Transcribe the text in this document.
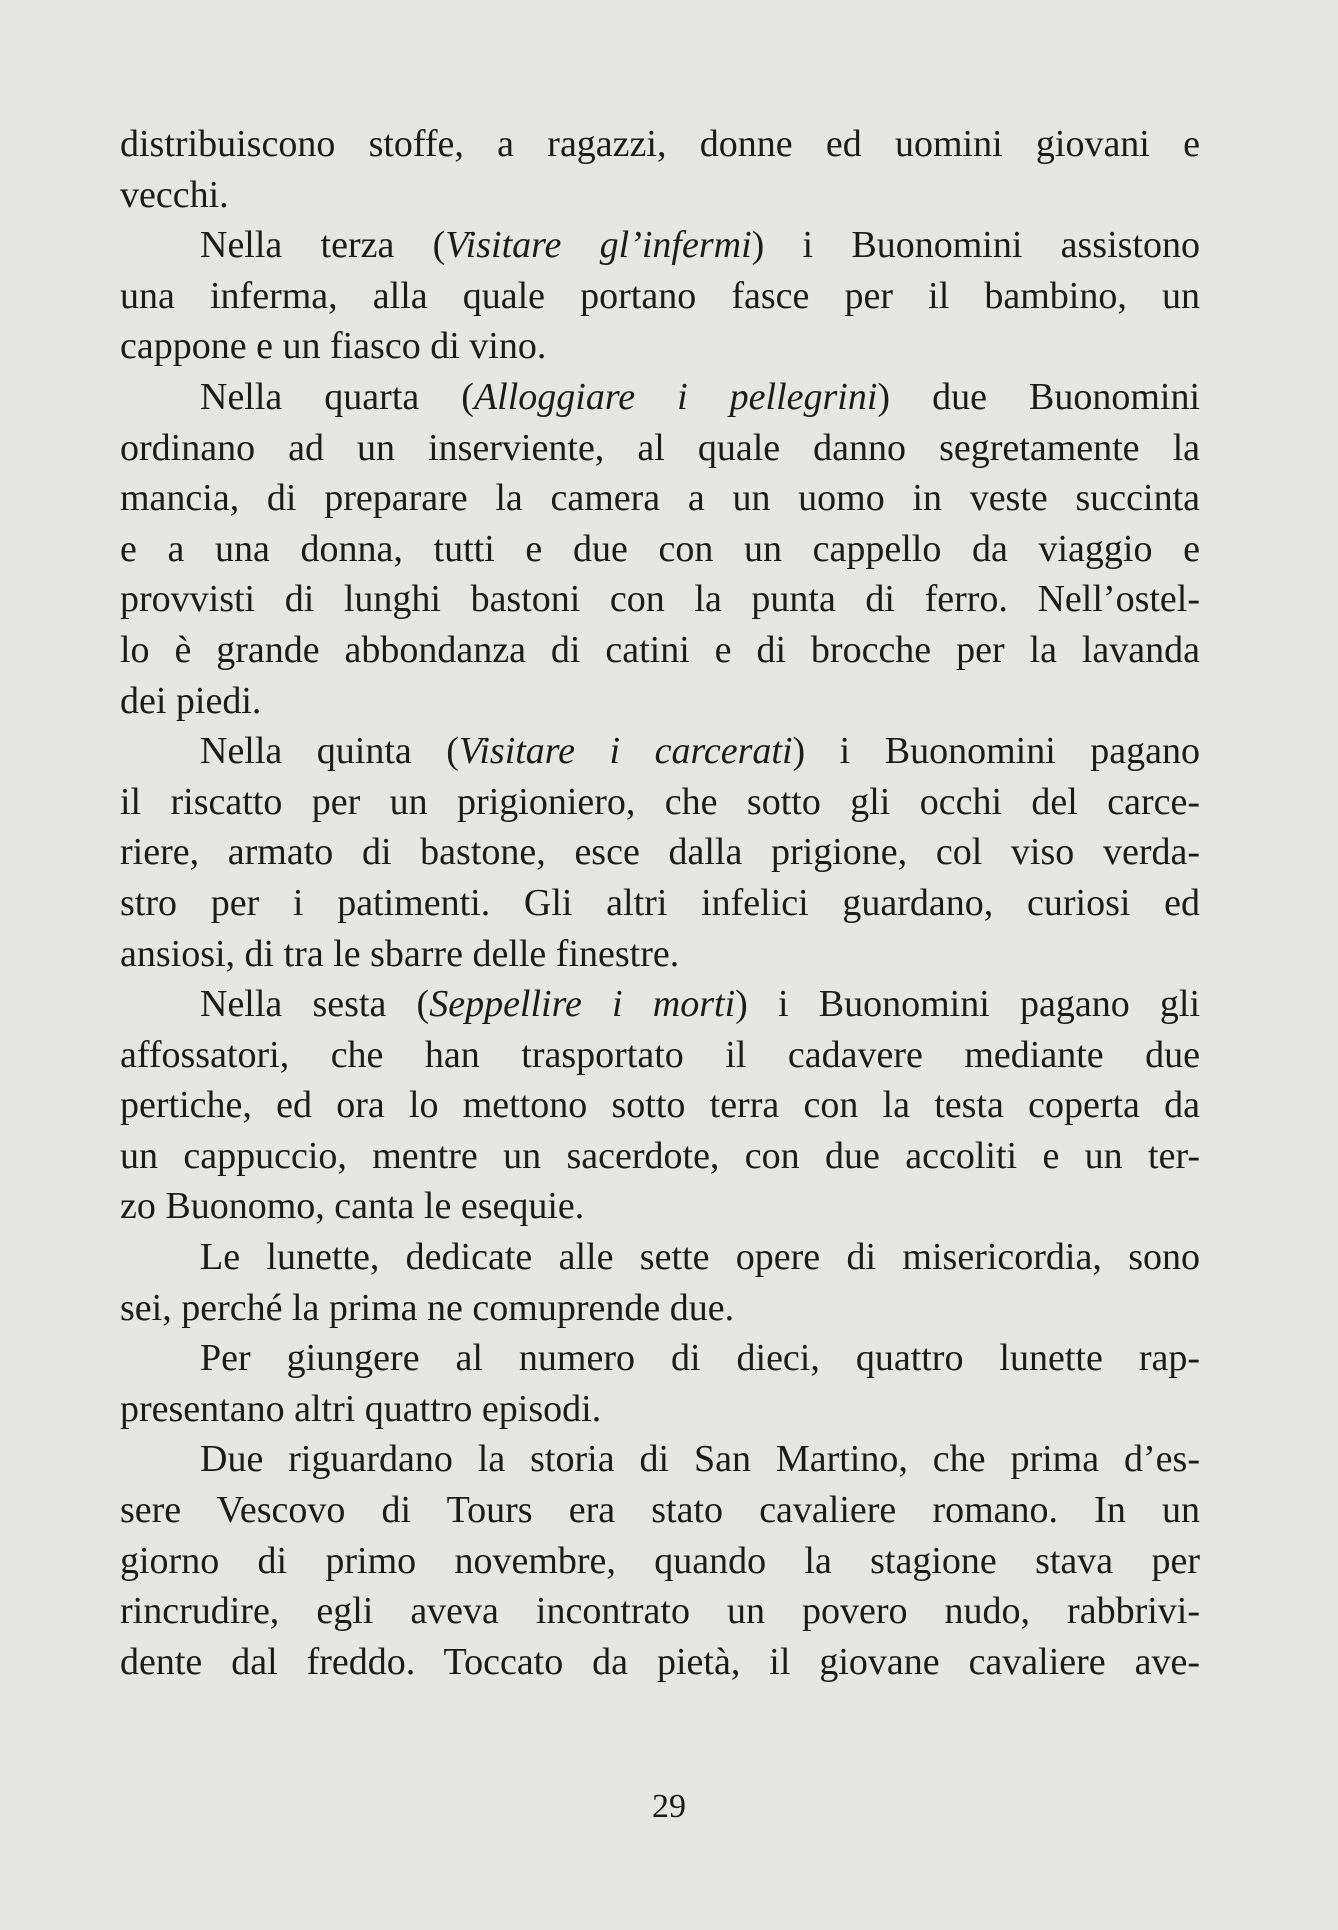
distribuiscono stoffe, a ragazzi, donne ed uomini giovani e
vecchi.
Nella terza (Visitare gl’infermi) i Buonomini assistono
una inferma, alla quale portano fasce per il bambino, un
cappone e un fiasco di vino.
Nella quarta (Alloggiare i pellegrini) due Buonomini
ordinano ad un inserviente, al quale danno segretamente la
mancia, di preparare la camera a un uomo in veste succinta
e a una donna, tutti e due con un cappello da viaggio e
provvisti di lunghi bastoni con la punta di ferro. Nell’ostel-
lo è grande abbondanza di catini e di brocche per la lavanda
dei piedi.
Nella quinta (Visitare i carcerati) i Buonomini pagano
il riscatto per un prigioniero, che sotto gli occhi del carce-
riere, armato di bastone, esce dalla prigione, col viso verda-
stro per i patimenti. Gli altri infelici guardano, curiosi ed
ansiosi, di tra le sbarre delle finestre.
Nella sesta (Seppellire i morti) i Buonomini pagano gli
affossatori, che han trasportato il cadavere mediante due
pertiche, ed ora lo mettono sotto terra con la testa coperta da
un cappuccio, mentre un sacerdote, con due accoliti e un ter-
zo Buonomo, canta le esequie.
Le lunette, dedicate alle sette opere di misericordia, sono
sei, perché la prima ne comuprende due.
Per giungere al numero di dieci, quattro lunette rap-
presentano altri quattro episodi.
Due riguardano la storia di San Martino, che prima d’es-
sere Vescovo di Tours era stato cavaliere romano. In un
giorno di primo novembre, quando la stagione stava per
rincrudire, egli aveva incontrato un povero nudo, rabbrivi-
dente dal freddo. Toccato da pietà, il giovane cavaliere ave-
29
